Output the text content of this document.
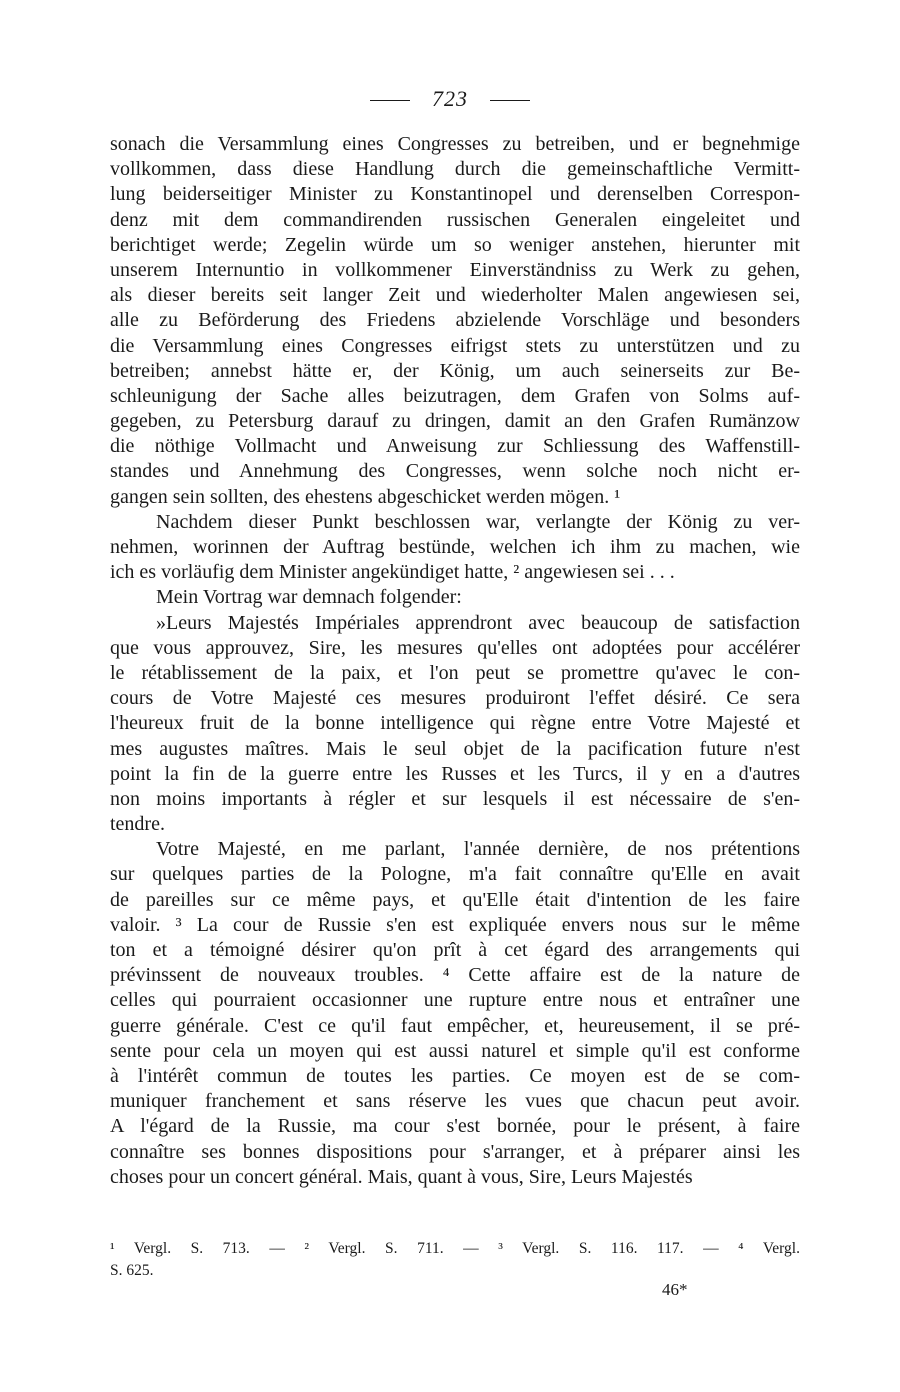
723
sonach die Versammlung eines Congresses zu betreiben, und er begnehmige
vollkommen, dass diese Handlung durch die gemeinschaftliche Vermitt-
lung beiderseitiger Minister zu Konstantinopel und derenselben Correspon-
denz mit dem commandirenden russischen Generalen eingeleitet und
berichtiget werde; Zegelin würde um so weniger anstehen, hierunter mit
unserem Internuntio in vollkommener Einverständniss zu Werk zu gehen,
als dieser bereits seit langer Zeit und wiederholter Malen angewiesen sei,
alle zu Beförderung des Friedens abzielende Vorschläge und besonders
die Versammlung eines Congresses eifrigst stets zu unterstützen und zu
betreiben; annebst hätte er, der König, um auch seinerseits zur Be-
schleunigung der Sache alles beizutragen, dem Grafen von Solms auf-
gegeben, zu Petersburg darauf zu dringen, damit an den Grafen Rumänzow
die nöthige Vollmacht und Anweisung zur Schliessung des Waffenstill-
standes und Annehmung des Congresses, wenn solche noch nicht er-
gangen sein sollten, des ehestens abgeschicket werden mögen. ¹
Nachdem dieser Punkt beschlossen war, verlangte der König zu ver-
nehmen, worinnen der Auftrag bestünde, welchen ich ihm zu machen, wie
ich es vorläufig dem Minister angekündiget hatte, ² angewiesen sei . . .
Mein Vortrag war demnach folgender:
»Leurs Majestés Impériales apprendront avec beaucoup de satisfaction
que vous approuvez, Sire, les mesures qu'elles ont adoptées pour accélérer
le rétablissement de la paix, et l'on peut se promettre qu'avec le con-
cours de Votre Majesté ces mesures produiront l'effet désiré. Ce sera
l'heureux fruit de la bonne intelligence qui règne entre Votre Majesté et
mes augustes maîtres. Mais le seul objet de la pacification future n'est
point la fin de la guerre entre les Russes et les Turcs, il y en a d'autres
non moins importants à régler et sur lesquels il est nécessaire de s'en-
tendre.
Votre Majesté, en me parlant, l'année dernière, de nos prétentions
sur quelques parties de la Pologne, m'a fait connaître qu'Elle en avait
de pareilles sur ce même pays, et qu'Elle était d'intention de les faire
valoir. ³ La cour de Russie s'en est expliquée envers nous sur le même
ton et a témoigné désirer qu'on prît à cet égard des arrangements qui
prévinssent de nouveaux troubles. ⁴ Cette affaire est de la nature de
celles qui pourraient occasionner une rupture entre nous et entraîner une
guerre générale. C'est ce qu'il faut empêcher, et, heureusement, il se pré-
sente pour cela un moyen qui est aussi naturel et simple qu'il est conforme
à l'intérêt commun de toutes les parties. Ce moyen est de se com-
muniquer franchement et sans réserve les vues que chacun peut avoir.
A l'égard de la Russie, ma cour s'est bornée, pour le présent, à faire
connaître ses bonnes dispositions pour s'arranger, et à préparer ainsi les
choses pour un concert général. Mais, quant à vous, Sire, Leurs Majestés
¹ Vergl. S. 713. — ² Vergl. S. 711. — ³ Vergl. S. 116. 117. — ⁴ Vergl.
S. 625.
46*
